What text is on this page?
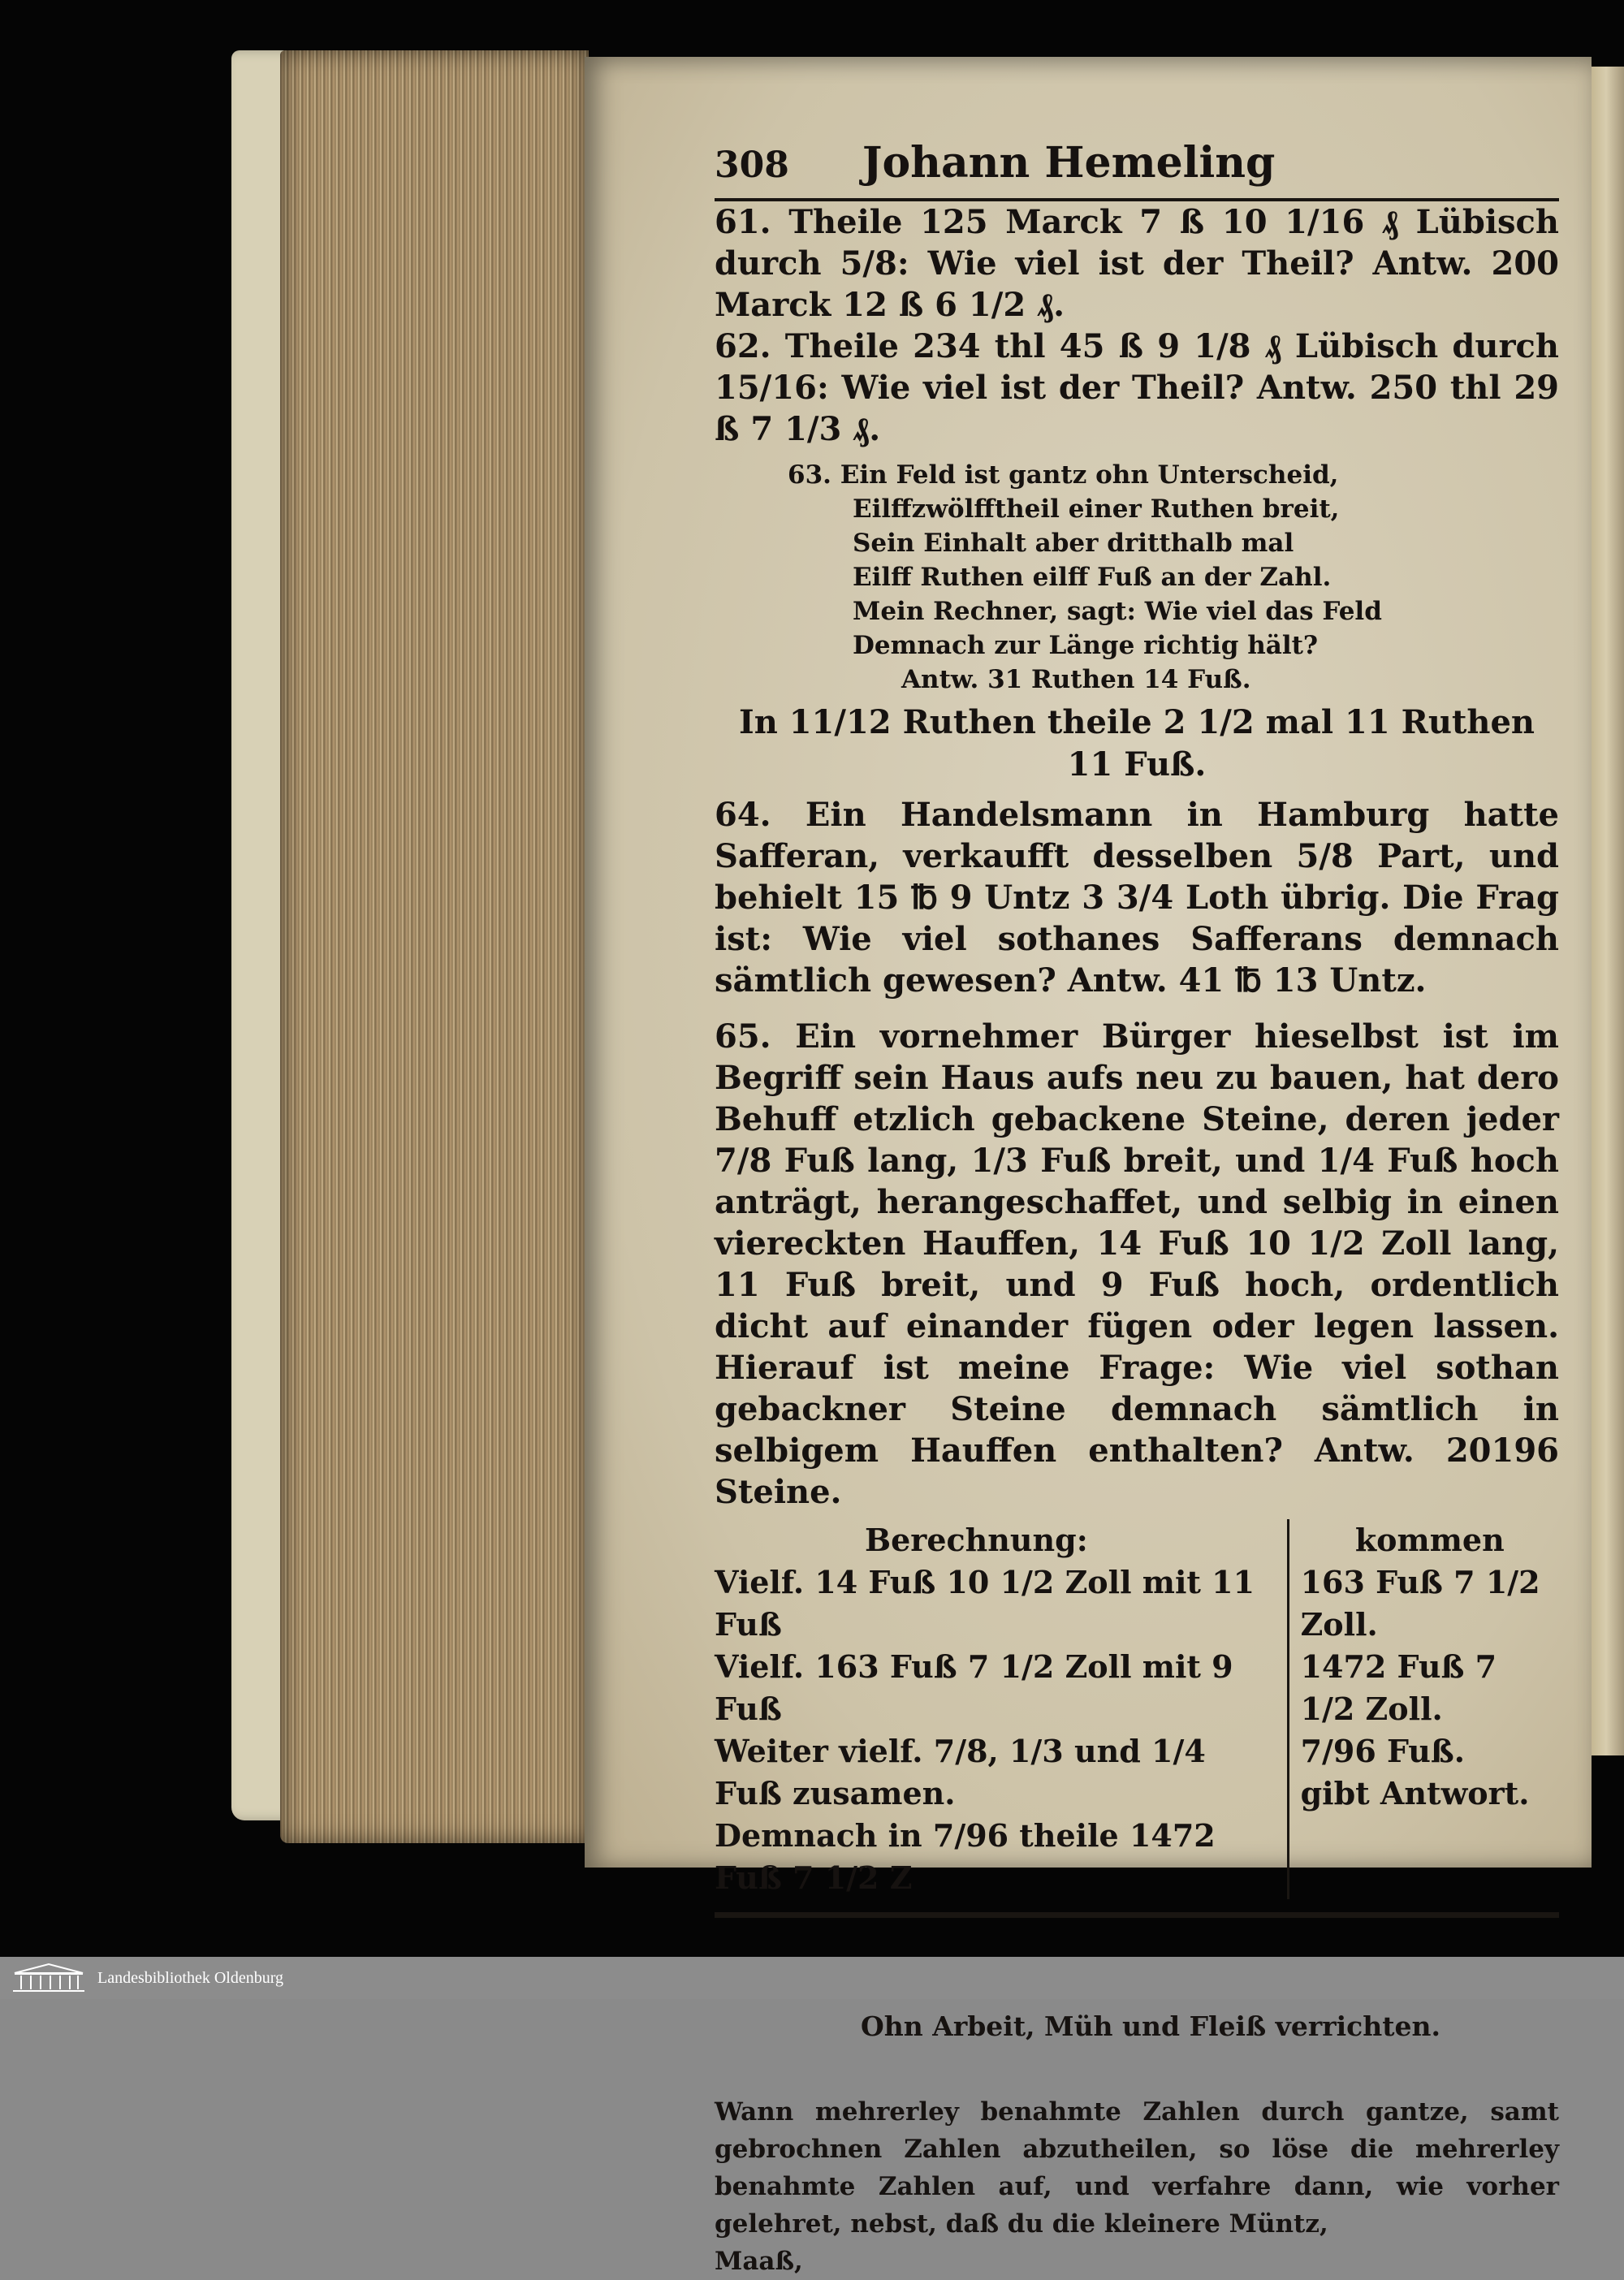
308 Johann Hemeling

61. Theile 125 Marck 7 ß 10 1/16 ₰ Lübisch durch 5/8: Wie viel ist der Theil? Antw. 200 Marck 12 ß 6 1/2 ₰.

62. Theile 234 thl 45 ß 9 1/8 ₰ Lübisch durch 15/16: Wie viel ist der Theil? Antw. 250 thl 29 ß 7 1/3 ₰.

63. Ein Feld ist gantz ohn Unterscheid,
Eilffzwölfftheil einer Ruthen breit,
Sein Einhalt aber dritthalb mal
Eilff Ruthen eilff Fuß an der Zahl.
Mein Rechner, sagt: Wie viel das Feld
Demnach zur Länge richtig hält?
Antw. 31 Ruthen 14 Fuß.
In 11/12 Ruthen theile 2 1/2 mal 11 Ruthen 11 Fuß.

64. Ein Handelsmann in Hamburg hatte Safferan, verkaufft desselben 5/8 Part, und behielt 15 ℔ 9 Untz 3 3/4 Loth übrig. Die Frag ist: Wie viel sothanes Safferans demnach sämtlich gewesen? Antw. 41 ℔ 13 Untz.

65. Ein vornehmer Bürger hieselbst ist im Begriff sein Haus aufs neu zu bauen, hat dero Behuff etzlich gebackene Steine, deren jeder 7/8 Fuß lang, 1/3 Fuß breit, und 1/4 Fuß hoch anträgt, herangeschaffet, und selbig in einen viereckten Hauffen, 14 Fuß 10 1/2 Zoll lang, 11 Fuß breit, und 9 Fuß hoch, ordentlich dicht auf einander fügen oder legen lassen. Hierauf ist meine Frage: Wie viel sothan gebackner Steine demnach sämtlich in selbigem Hauffen enthalten? Antw. 20196 Steine.

Berechnung:
Vielf. 14 Fuß 10 1/2 Zoll mit 11 Fuß
Vielf. 163 Fuß 7 1/2 Zoll mit 9 Fuß
Weiter vielf. 7/8, 1/3 und 1/4 Fuß zusamen.
Demnach in 7/96 theile 1472 Fuß 7 1/2 Z
kommen
163 Fuß 7 1/2 Zoll.
1472 Fuß 7 1/2 Zoll.
7/96 Fuß.
gibt Antwort.
Ohn Arbeit, Müh und Fleiß verrichten.
Wann mehrerley benahmte Zahlen durch gantze, samt gebrochnen Zahlen abzutheilen, so löse die mehrerley benahmte Zahlen auf, und verfahre dann, wie vorher gelehret, nebst, daß du die kleinere Müntz,
Maaß,
Landesbibliothek Oldenburg
